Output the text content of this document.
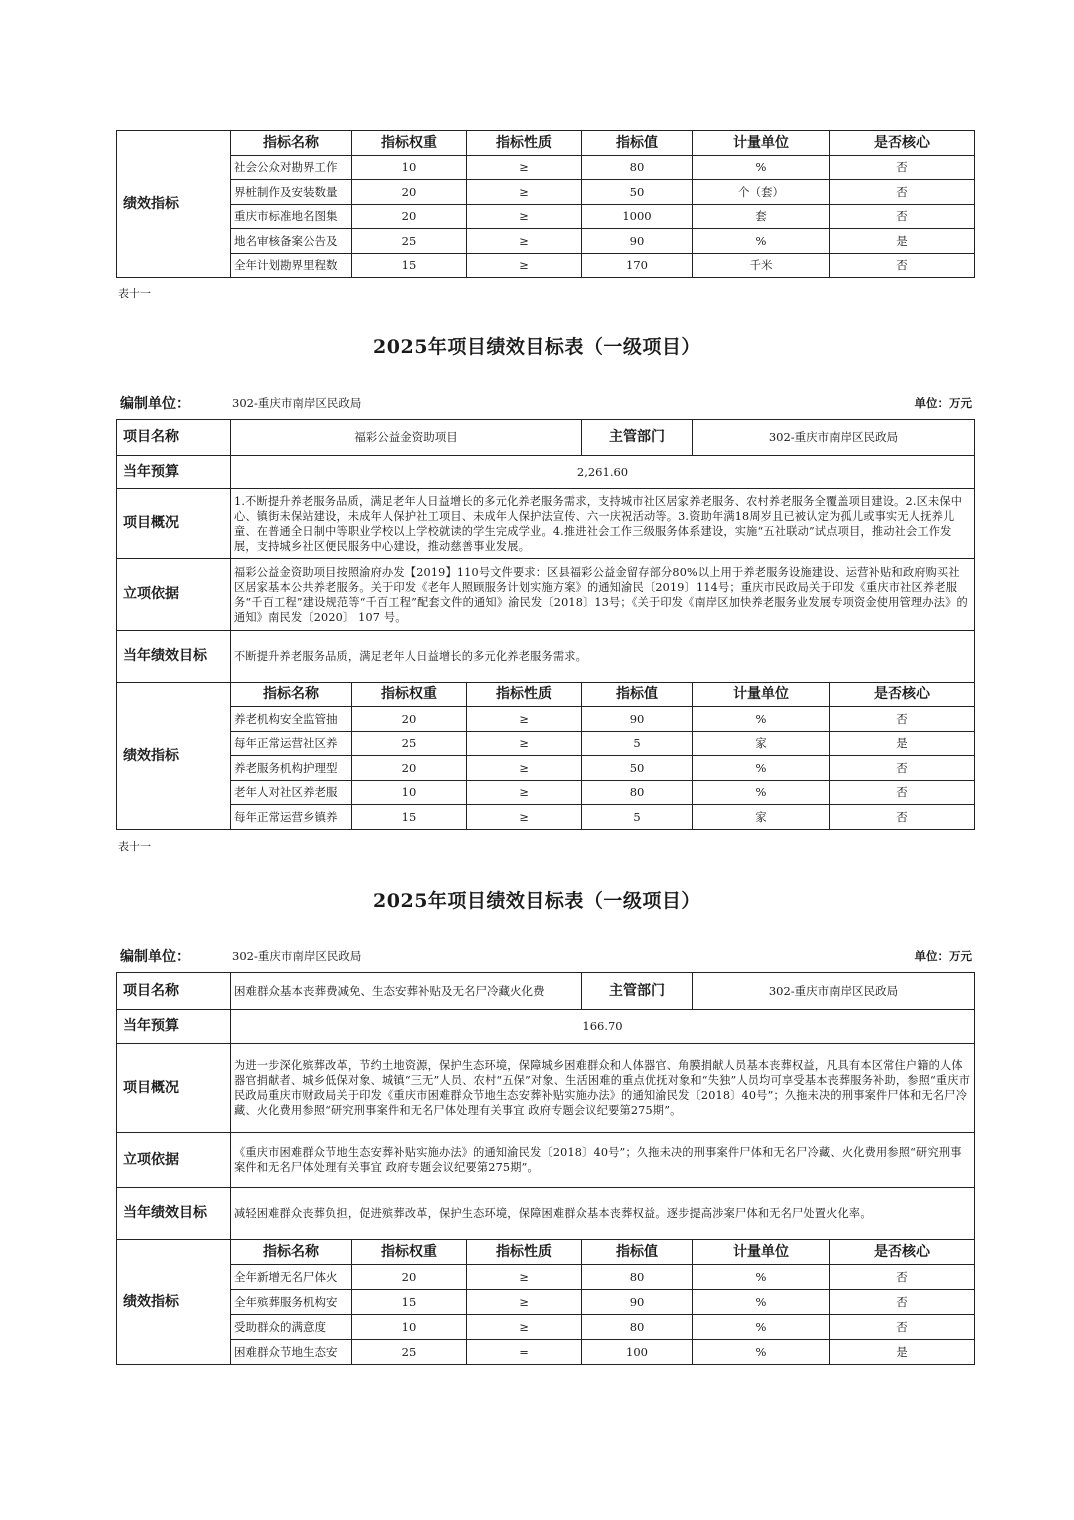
绩效指标	指标名称	指标权重	指标性质	指标值	计量单位	是否核心
	社会公众对勘界工作	10	≥	80	%	否
	界桩制作及安装数量	20	≥	50	个（套）	否
	重庆市标准地名图集	20	≥	1000	套	否
	地名审核备案公告及	25	≥	90	%	是
	全年计划勘界里程数	15	≥	170	千米	否
表十一
2025年项目绩效目标表（一级项目）
编制单位：	302-重庆市南岸区民政局	单位：万元
项目名称	福彩公益金资助项目			主管部门	302-重庆市南岸区民政局	
当年预算	2,261.60					
项目概况	1.不断提升养老服务品质，满足老年人日益增长的多元化养老服务需求，支持城市社区居家养老服务、农村养老服务全覆盖项目建设。2.区未保中心、镇街未保站建设，未成年人保护社工项目、未成年人保护法宣传、六一庆祝活动等。3.资助年满18周岁且已被认定为孤儿或事实无人抚养儿童、在普通全日制中等职业学校以上学校就读的学生完成学业。4.推进社会工作三级服务体系建设，实施“五社联动”试点项目，推动社会工作发展，支持城乡社区便民服务中心建设，推动慈善事业发展。					
立项依据	福彩公益金资助项目按照渝府办发【2019】110号文件要求：区县福彩公益金留存部分80%以上用于养老服务设施建设、运营补贴和政府购买社区居家基本公共养老服务。关于印发《老年人照顾服务计划实施方案》的通知渝民〔2019〕114号；重庆市民政局关于印发《重庆市社区养老服务“千百工程”建设规范等“千百工程”配套文件的通知》渝民发〔2018〕13号；《关于印发《南岸区加快养老服务业发展专项资金使用管理办法》的通知》南民发〔2020〕 107 号。					
当年绩效目标	不断提升养老服务品质，满足老年人日益增长的多元化养老服务需求。					
绩效指标	指标名称	指标权重	指标性质	指标值	计量单位	是否核心
	养老机构安全监管抽	20	≥	90	%	否
	每年正常运营社区养	25	≥	5	家	是
	养老服务机构护理型	20	≥	50	%	否
	老年人对社区养老服	10	≥	80	%	否
	每年正常运营乡镇养	15	≥	5	家	否
表十一
2025年项目绩效目标表（一级项目）
编制单位：	302-重庆市南岸区民政局	单位：万元
项目名称	困难群众基本丧葬费减免、生态安葬补贴及无名尸冷藏火化费			主管部门	302-重庆市南岸区民政局	
当年预算	166.70					
项目概况	为进一步深化殡葬改革，节约土地资源，保护生态环境，保障城乡困难群众和人体器官、角膜捐献人员基本丧葬权益，凡具有本区常住户籍的人体器官捐献者、城乡低保对象、城镇“三无”人员、农村“五保”对象、生活困难的重点优抚对象和“失独”人员均可享受基本丧葬服务补助，参照“重庆市民政局重庆市财政局关于印发《重庆市困难群众节地生态安葬补贴实施办法》的通知渝民发〔2018〕40号”；久拖未决的刑事案件尸体和无名尸冷藏、火化费用参照“研究刑事案件和无名尸体处理有关事宜 政府专题会议纪要第275期”。					
立项依据	《重庆市困难群众节地生态安葬补贴实施办法》的通知渝民发〔2018〕40号”；久拖未决的刑事案件尸体和无名尸冷藏、火化费用参照“研究刑事案件和无名尸体处理有关事宜 政府专题会议纪要第275期”。					
当年绩效目标	减轻困难群众丧葬负担，促进殡葬改革，保护生态环境，保障困难群众基本丧葬权益。逐步提高涉案尸体和无名尸处置火化率。					
绩效指标	指标名称	指标权重	指标性质	指标值	计量单位	是否核心
	全年新增无名尸体火	20	≥	80	%	否
	全年殡葬服务机构安	15	≥	90	%	否
	受助群众的满意度	10	≥	80	%	否
	困难群众节地生态安	25	=	100	%	是
